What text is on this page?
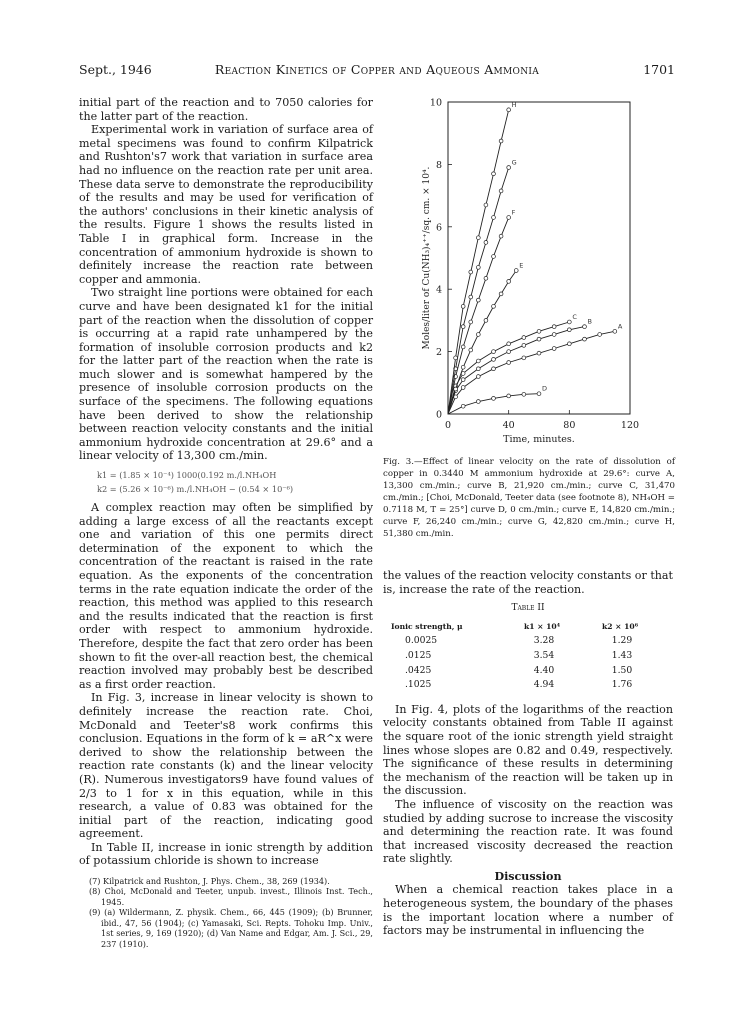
Sept., 1946	Reaction Kinetics of Copper and Aqueous Ammonia	1701

initial part of the reaction and to 7050 calories for the latter part of the reaction.

Experimental work in variation of surface area of metal specimens was found to confirm Kilpatrick and Rushton's7 work that variation in surface area had no influence on the reaction rate per unit area. These data serve to demonstrate the reproducibility of the results and may be used for verification of the authors' conclusions in their kinetic analysis of the results. Figure 1 shows the results listed in Table I in graphical form. Increase in the concentration of ammonium hydroxide is shown to definitely increase the reaction rate between copper and ammonia.

Two straight line portions were obtained for each curve and have been designated k1 for the initial part of the reaction when the dissolution of copper is occurring at a rapid rate unhampered by the formation of insoluble corrosion products and k2 for the latter part of the reaction when the rate is much slower and is somewhat hampered by the presence of insoluble corrosion products on the surface of the specimens. The following equations have been derived to show the relationship between reaction velocity constants and the initial ammonium hydroxide concentration at 29.6° and a linear velocity of 13,300 cm./min.

k1 = (1.85 × 10⁻⁴) 1000(0.192 m./l.NH₄OH
k2 = (5.26 × 10⁻⁶) m./l.NH₄OH − (0.54 × 10⁻⁶)

A complex reaction may often be simplified by adding a large excess of all the reactants except one and variation of this one permits direct determination of the exponent to which the concentration of the reactant is raised in the rate equation. As the exponents of the concentration terms in the rate equation indicate the order of the reaction, this method was applied to this research and the results indicated that the reaction is first order with respect to ammonium hydroxide. Therefore, despite the fact that zero order has been shown to fit the over-all reaction best, the chemical reaction involved may probably best be described as a first order reaction.

In Fig. 3, increase in linear velocity is shown to definitely increase the reaction rate. Choi, McDonald and Teeter's8 work confirms this conclusion. Equations in the form of k = aR^x were derived to show the relationship between the reaction rate constants (k) and the linear velocity (R). Numerous investigators9 have found values of 2/3 to 1 for x in this equation, while in this research, a value of 0.83 was obtained for the initial part of the reaction, indicating good agreement.

In Table II, increase in ionic strength by addition of potassium chloride is shown to increase

(7) Kilpatrick and Rushton, J. Phys. Chem., 38, 269 (1934).

(8) Choi, McDonald and Teeter, unpub. invest., Illinois Inst. Tech., 1945.

(9) (a) Wildermann, Z. physik. Chem., 66, 445 (1909); (b) Brunner, ibid., 47, 56 (1904); (c) Yamasaki, Sci. Repts. Tohoku Imp. Univ., 1st series, 9, 169 (1920); (d) Van Name and Edgar, Am. J. Sci., 29, 237 (1910).

0	40	80	120
0
2
4
6
8
10
Time, minutes.
Moles/liter of Cu(NH₃)₄⁺⁺/sq. cm. × 10⁴.	A
B
C
D
E
F
G
H
Fig. 3.—Effect of linear velocity on the rate of dissolution of copper in 0.3440 M ammonium hydroxide at 29.6°: curve A, 13,300 cm./min.; curve B, 21,920 cm./min.; curve C, 31,470 cm./min.; [Choi, McDonald, Teeter data (see footnote 8), NH₄OH = 0.7118 M, T = 25°] curve D, 0 cm./min.; curve E, 14,820 cm./min.; curve F, 26,240 cm./min.; curve G, 42,820 cm./min.; curve H, 51,380 cm./min.

the values of the reaction velocity constants or that is, increase the rate of the reaction.

Table II
Ionic strength, μ	k1 × 10⁴	k2 × 10⁶
0.0025	3.28	1.29
.0125	3.54	1.43
.0425	4.40	1.50
.1025	4.94	1.76

In Fig. 4, plots of the logarithms of the reaction velocity constants obtained from Table II against the square root of the ionic strength yield straight lines whose slopes are 0.82 and 0.49, respectively. The significance of these results in determining the mechanism of the reaction will be taken up in the discussion.

The influence of viscosity on the reaction was studied by adding sucrose to increase the viscosity and determining the reaction rate. It was found that increased viscosity decreased the reaction rate slightly.

Discussion

When a chemical reaction takes place in a heterogeneous system, the boundary of the phases is the important location where a number of factors may be instrumental in influencing the
